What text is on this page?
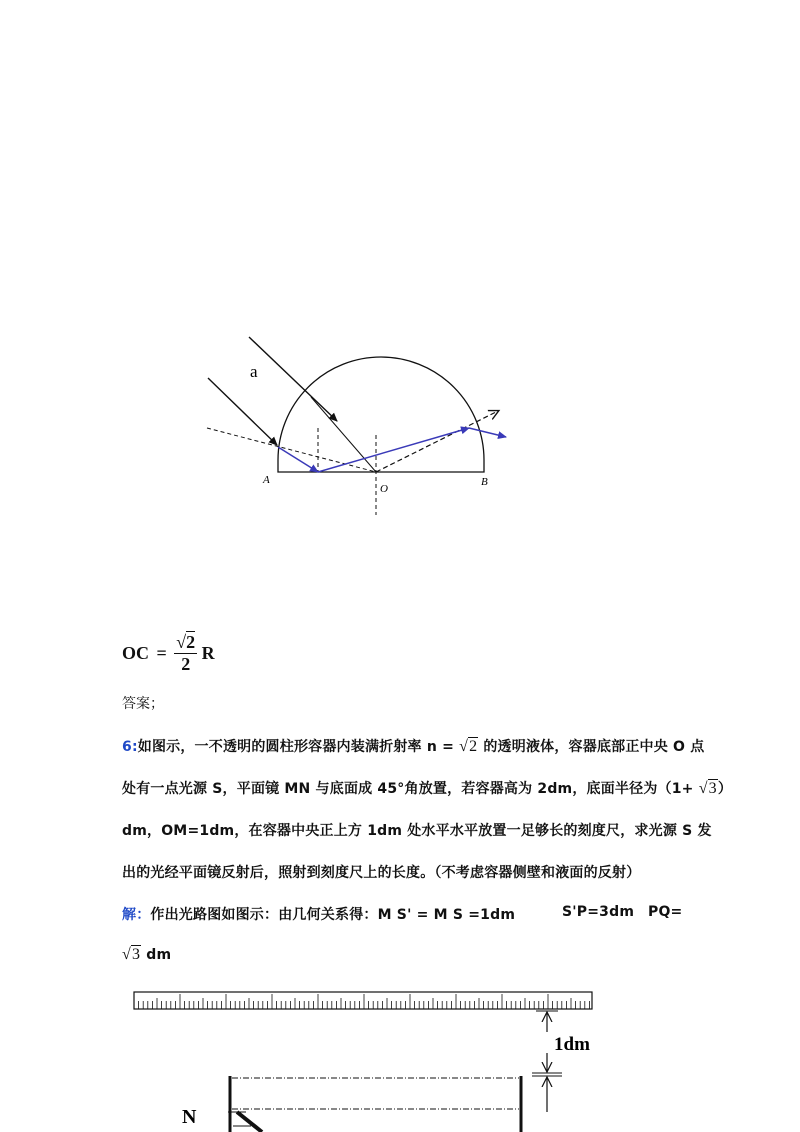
a
A
O
B
OC = $\frac{√2}{2}$ R
答案；
6:如图示，一不透明的圆柱形容器内装满折射率 n = √2 的透明液体，容器底部正中央 O 点
处有一点光源 S，平面镜 MN 与底面成 45°角放置，若容器高为 2dm，底面半径为（1+ √3）
dm，OM=1dm，在容器中央正上方 1dm 处水平水平放置一足够长的刻度尺，求光源 S 发
出的光经平面镜反射后，照射到刻度尺上的长度。（不考虑容器侧壁和液面的反射）
解：作出光路图如图示：由几何关系得：M S' = M S =1dm	S'P=3dm PQ=
√3 dm
1dm
N
